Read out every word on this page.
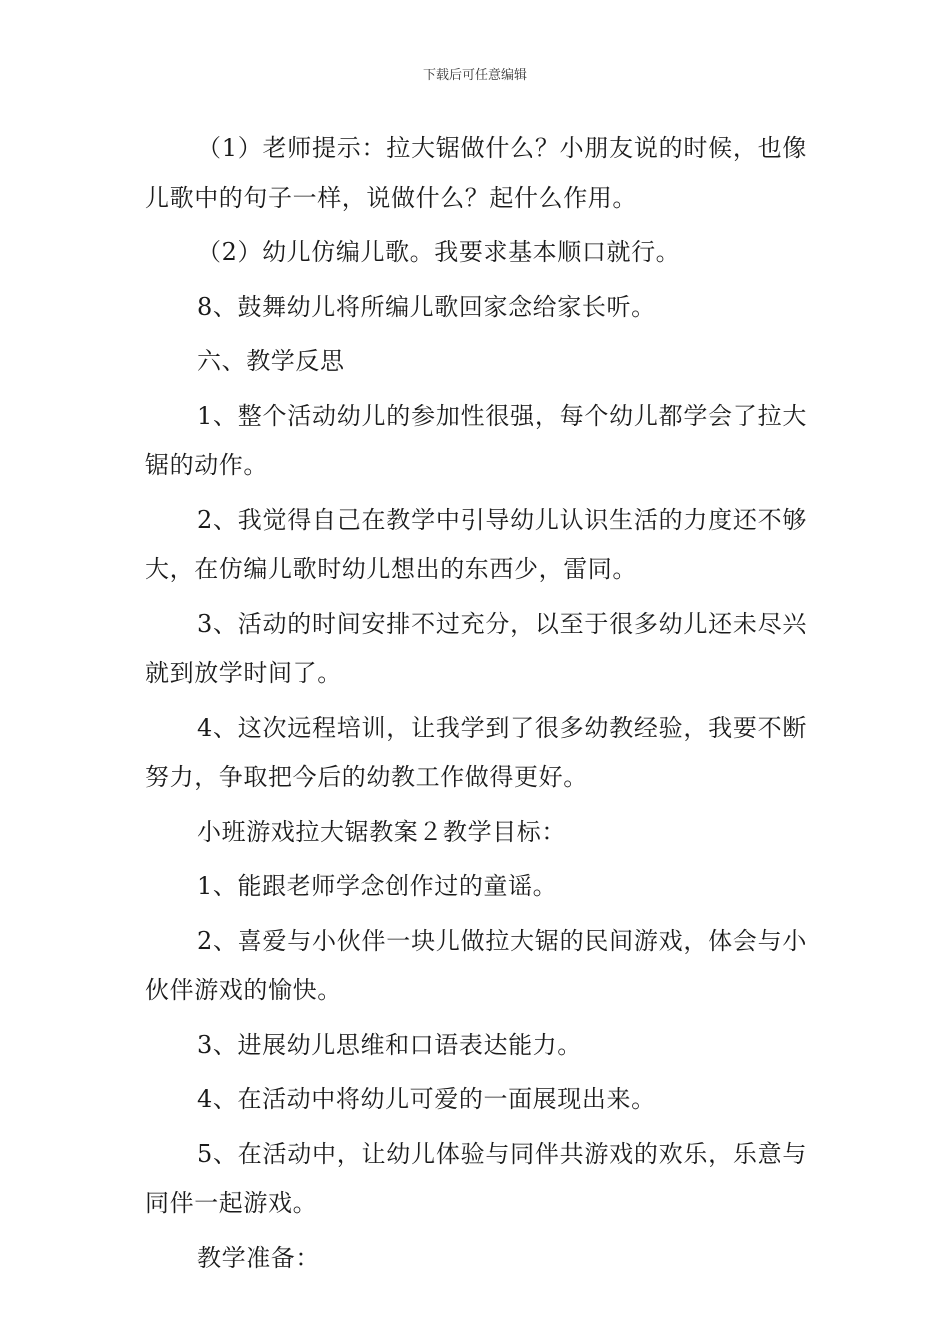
下载后可任意编辑

（1）老师提示：拉大锯做什么？小朋友说的时候，也像儿歌中的句子一样，说做什么？起什么作用。

（2）幼儿仿编儿歌。我要求基本顺口就行。

8、鼓舞幼儿将所编儿歌回家念给家长听。

六、教学反思

1、整个活动幼儿的参加性很强，每个幼儿都学会了拉大锯的动作。

2、我觉得自己在教学中引导幼儿认识生活的力度还不够大，在仿编儿歌时幼儿想出的东西少，雷同。

3、活动的时间安排不过充分，以至于很多幼儿还未尽兴就到放学时间了。

4、这次远程培训，让我学到了很多幼教经验，我要不断努力，争取把今后的幼教工作做得更好。

小班游戏拉大锯教案２教学目标：

1、能跟老师学念创作过的童谣。

2、喜爱与小伙伴一块儿做拉大锯的民间游戏，体会与小伙伴游戏的愉快。

3、进展幼儿思维和口语表达能力。

4、在活动中将幼儿可爱的一面展现出来。

5、在活动中，让幼儿体验与同伴共游戏的欢乐，乐意与同伴一起游戏。

教学准备：
